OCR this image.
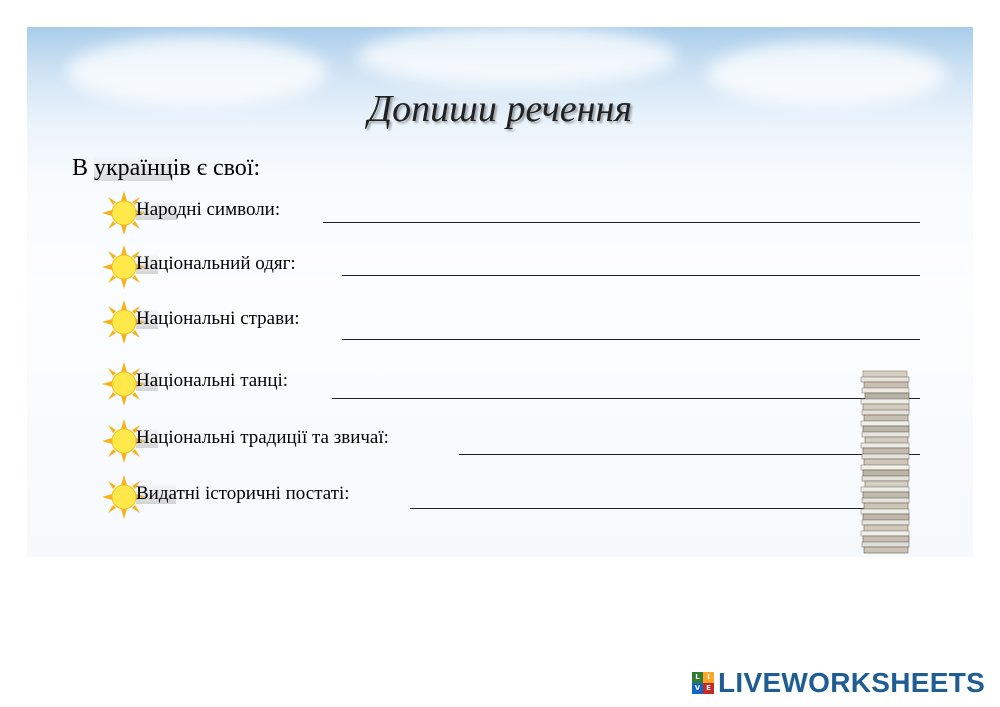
Допиши речення
В українців є свої:
Народні символи:
Національний одяг:
Національні страви:
Національні танці:
Національні традиції та звичаї:
Видатні історичні постаті:
L	I
V E LIVEWORKSHEETS
